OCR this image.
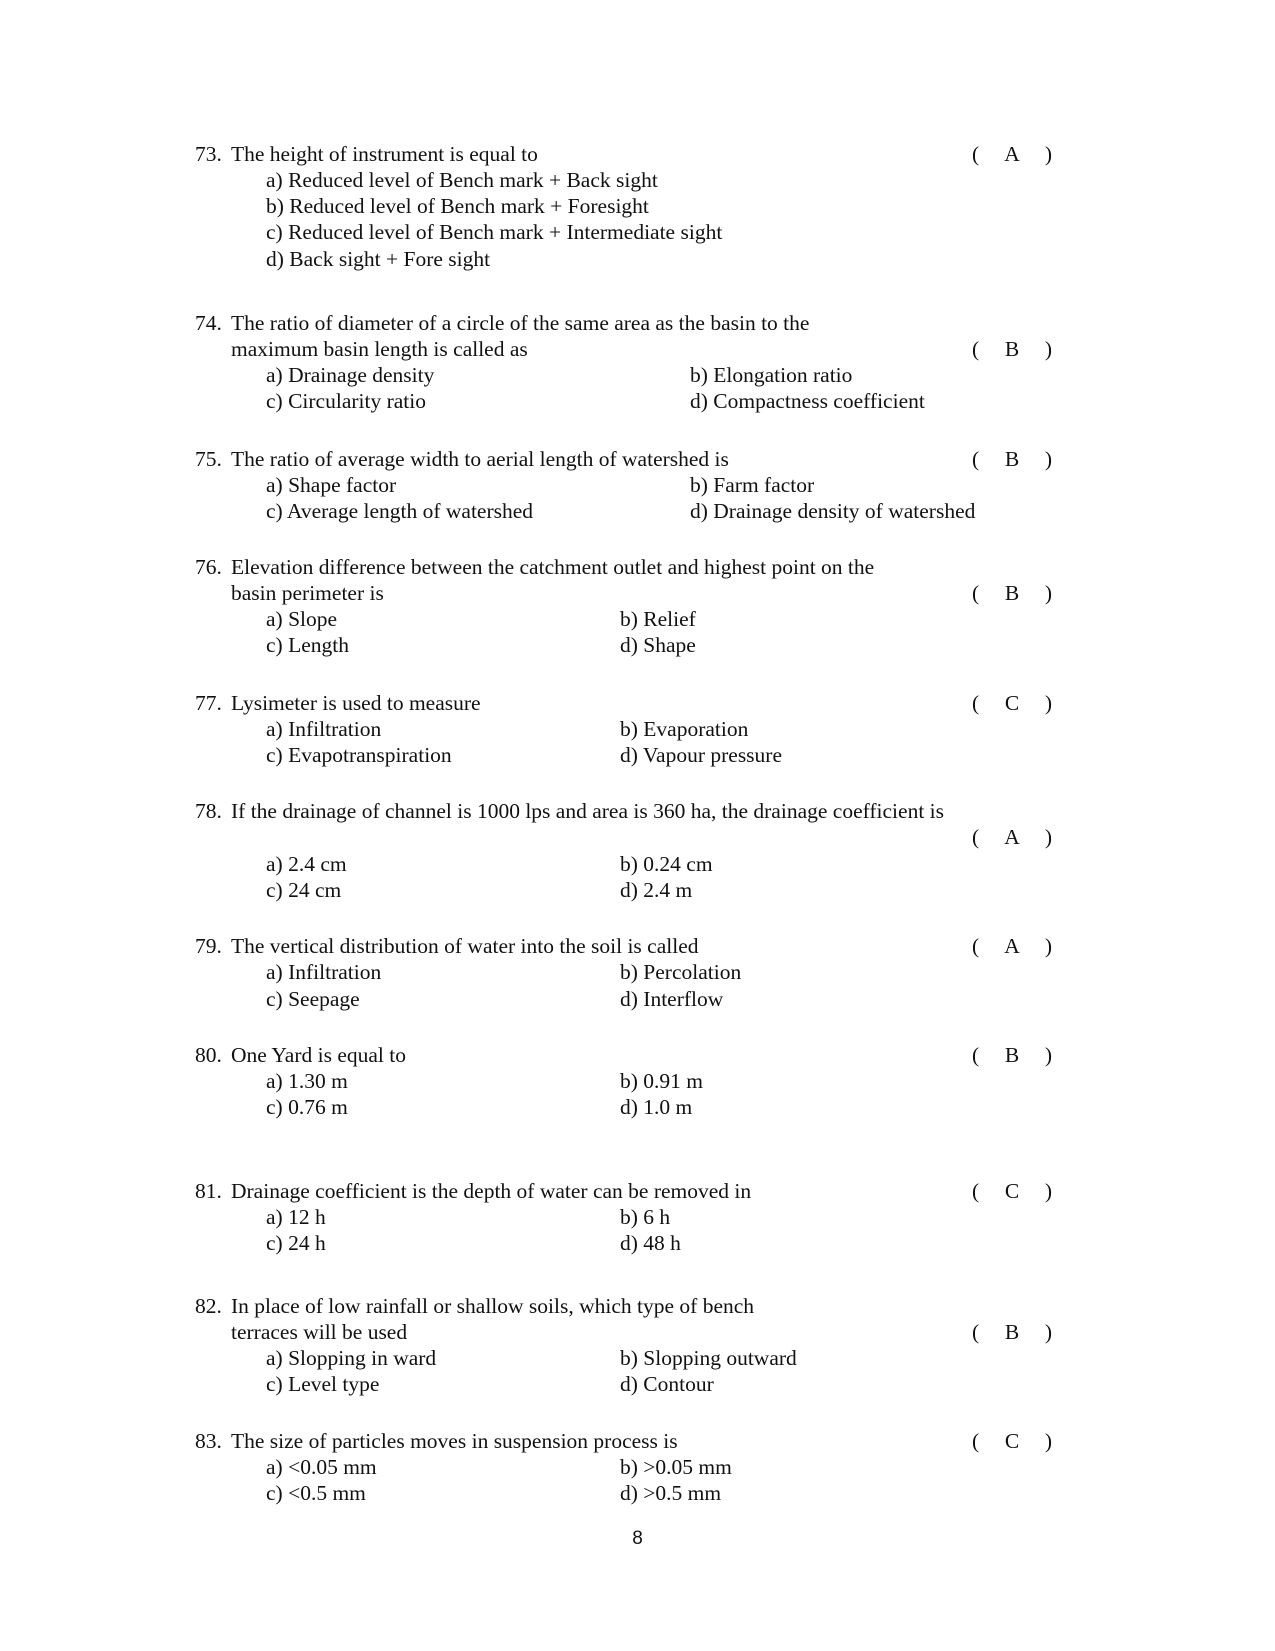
73. The height of instrument is equal to	(	A	)
a) Reduced level of Bench mark + Back sight
b) Reduced level of Bench mark + Foresight
c) Reduced level of Bench mark + Intermediate sight
d) Back sight + Fore sight
74. The ratio of diameter of a circle of the same area as the basin to the
maximum basin length is called as	(	B	)
a) Drainage density	b) Elongation ratio
c) Circularity ratio	d) Compactness coefficient
75. The ratio of average width to aerial length of watershed is	(	B	)
a) Shape factor	b) Farm factor
c) Average length of watershed	d) Drainage density of watershed
76. Elevation difference between the catchment outlet and highest point on the
basin perimeter is	(	B	)
a) Slope	b) Relief
c) Length	d) Shape
77. Lysimeter is used to measure	(	C	)
a) Infiltration	b) Evaporation
c) Evapotranspiration	d) Vapour pressure
78. If the drainage of channel is 1000 lps and area is 360 ha, the drainage coefficient is
(	A	)
a) 2.4 cm	b) 0.24 cm
c) 24 cm	d) 2.4 m
79. The vertical distribution of water into the soil is called	(	A	)
a) Infiltration	b) Percolation
c) Seepage	d) Interflow
80. One Yard is equal to	(	B	)
a) 1.30 m	b) 0.91 m
c) 0.76 m	d) 1.0 m
81. Drainage coefficient is the depth of water can be removed in	(	C	)
a) 12 h	b) 6 h
c) 24 h	d) 48 h
82. In place of low rainfall or shallow soils, which type of bench
terraces will be used	(	B	)
a) Slopping in ward	b) Slopping outward
c) Level type	d) Contour
83. The size of particles moves in suspension process is	(	C	)
a) <0.05 mm	b) >0.05 mm
c) <0.5 mm	d) >0.5 mm
8
